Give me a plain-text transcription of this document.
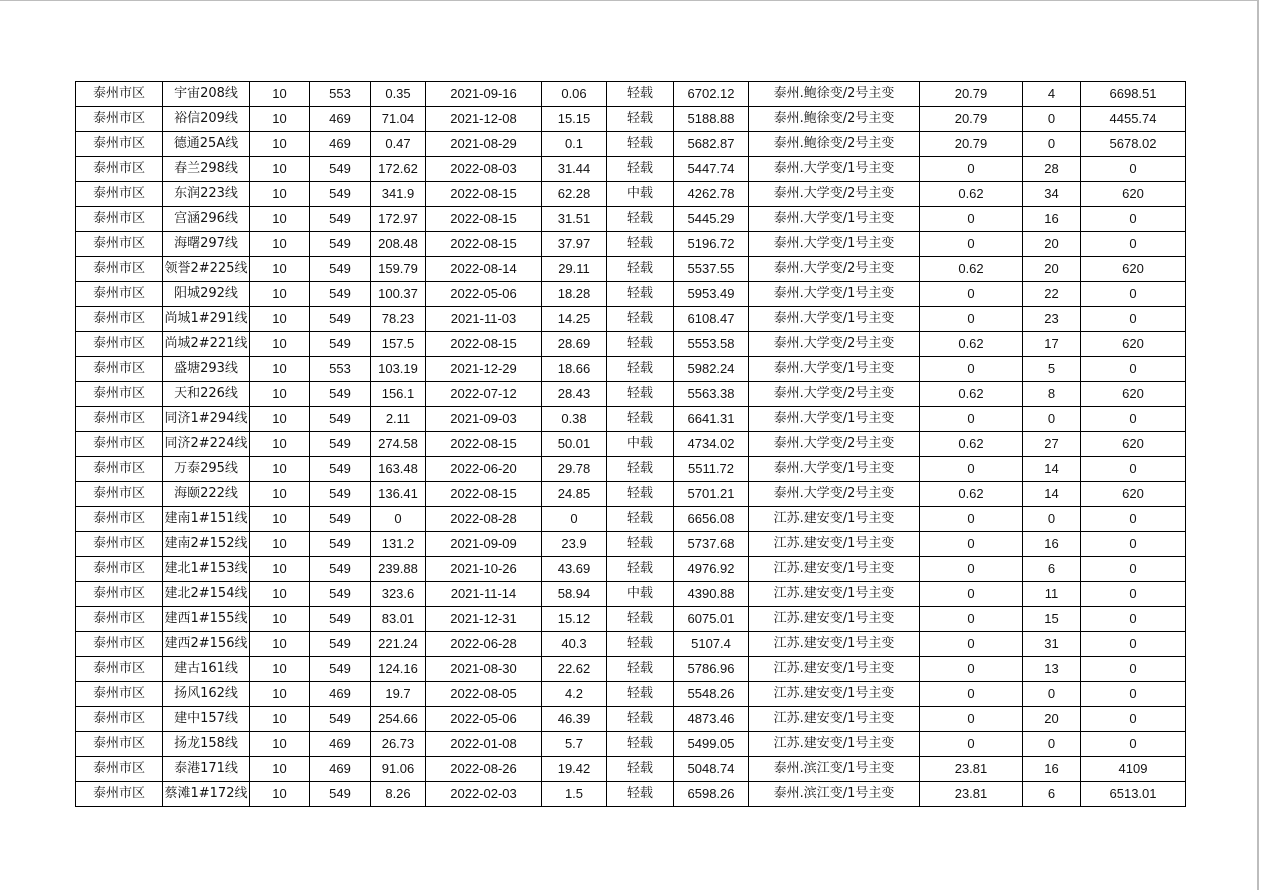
泰州市区	宇宙208线	10	553	0.35	2021-09-16	0.06	轻载	6702.12	泰州.鲍徐变/2号主变	20.79	4	6698.51
泰州市区	裕信209线	10	469	71.04	2021-12-08	15.15	轻载	5188.88	泰州.鲍徐变/2号主变	20.79	0	4455.74
泰州市区	德通25A线	10	469	0.47	2021-08-29	0.1	轻载	5682.87	泰州.鲍徐变/2号主变	20.79	0	5678.02
泰州市区	春兰298线	10	549	172.62	2022-08-03	31.44	轻载	5447.74	泰州.大学变/1号主变	0	28	0
泰州市区	东润223线	10	549	341.9	2022-08-15	62.28	中载	4262.78	泰州.大学变/2号主变	0.62	34	620
泰州市区	宫涵296线	10	549	172.97	2022-08-15	31.51	轻载	5445.29	泰州.大学变/1号主变	0	16	0
泰州市区	海曙297线	10	549	208.48	2022-08-15	37.97	轻载	5196.72	泰州.大学变/1号主变	0	20	0
泰州市区	领誉2#225线	10	549	159.79	2022-08-14	29.11	轻载	5537.55	泰州.大学变/2号主变	0.62	20	620
泰州市区	阳城292线	10	549	100.37	2022-05-06	18.28	轻载	5953.49	泰州.大学变/1号主变	0	22	0
泰州市区	尚城1#291线	10	549	78.23	2021-11-03	14.25	轻载	6108.47	泰州.大学变/1号主变	0	23	0
泰州市区	尚城2#221线	10	549	157.5	2022-08-15	28.69	轻载	5553.58	泰州.大学变/2号主变	0.62	17	620
泰州市区	盛塘293线	10	553	103.19	2021-12-29	18.66	轻载	5982.24	泰州.大学变/1号主变	0	5	0
泰州市区	天和226线	10	549	156.1	2022-07-12	28.43	轻载	5563.38	泰州.大学变/2号主变	0.62	8	620
泰州市区	同济1#294线	10	549	2.11	2021-09-03	0.38	轻载	6641.31	泰州.大学变/1号主变	0	0	0
泰州市区	同济2#224线	10	549	274.58	2022-08-15	50.01	中载	4734.02	泰州.大学变/2号主变	0.62	27	620
泰州市区	万泰295线	10	549	163.48	2022-06-20	29.78	轻载	5511.72	泰州.大学变/1号主变	0	14	0
泰州市区	海颐222线	10	549	136.41	2022-08-15	24.85	轻载	5701.21	泰州.大学变/2号主变	0.62	14	620
泰州市区	建南1#151线	10	549	0	2022-08-28	0	轻载	6656.08	江苏.建安变/1号主变	0	0	0
泰州市区	建南2#152线	10	549	131.2	2021-09-09	23.9	轻载	5737.68	江苏.建安变/1号主变	0	16	0
泰州市区	建北1#153线	10	549	239.88	2021-10-26	43.69	轻载	4976.92	江苏.建安变/1号主变	0	6	0
泰州市区	建北2#154线	10	549	323.6	2021-11-14	58.94	中载	4390.88	江苏.建安变/1号主变	0	11	0
泰州市区	建西1#155线	10	549	83.01	2021-12-31	15.12	轻载	6075.01	江苏.建安变/1号主变	0	15	0
泰州市区	建西2#156线	10	549	221.24	2022-06-28	40.3	轻载	5107.4	江苏.建安变/1号主变	0	31	0
泰州市区	建古161线	10	549	124.16	2021-08-30	22.62	轻载	5786.96	江苏.建安变/1号主变	0	13	0
泰州市区	扬风162线	10	469	19.7	2022-08-05	4.2	轻载	5548.26	江苏.建安变/1号主变	0	0	0
泰州市区	建中157线	10	549	254.66	2022-05-06	46.39	轻载	4873.46	江苏.建安变/1号主变	0	20	0
泰州市区	扬龙158线	10	469	26.73	2022-01-08	5.7	轻载	5499.05	江苏.建安变/1号主变	0	0	0
泰州市区	泰港171线	10	469	91.06	2022-08-26	19.42	轻载	5048.74	泰州.滨江变/1号主变	23.81	16	4109
泰州市区	蔡滩1#172线	10	549	8.26	2022-02-03	1.5	轻载	6598.26	泰州.滨江变/1号主变	23.81	6	6513.01
